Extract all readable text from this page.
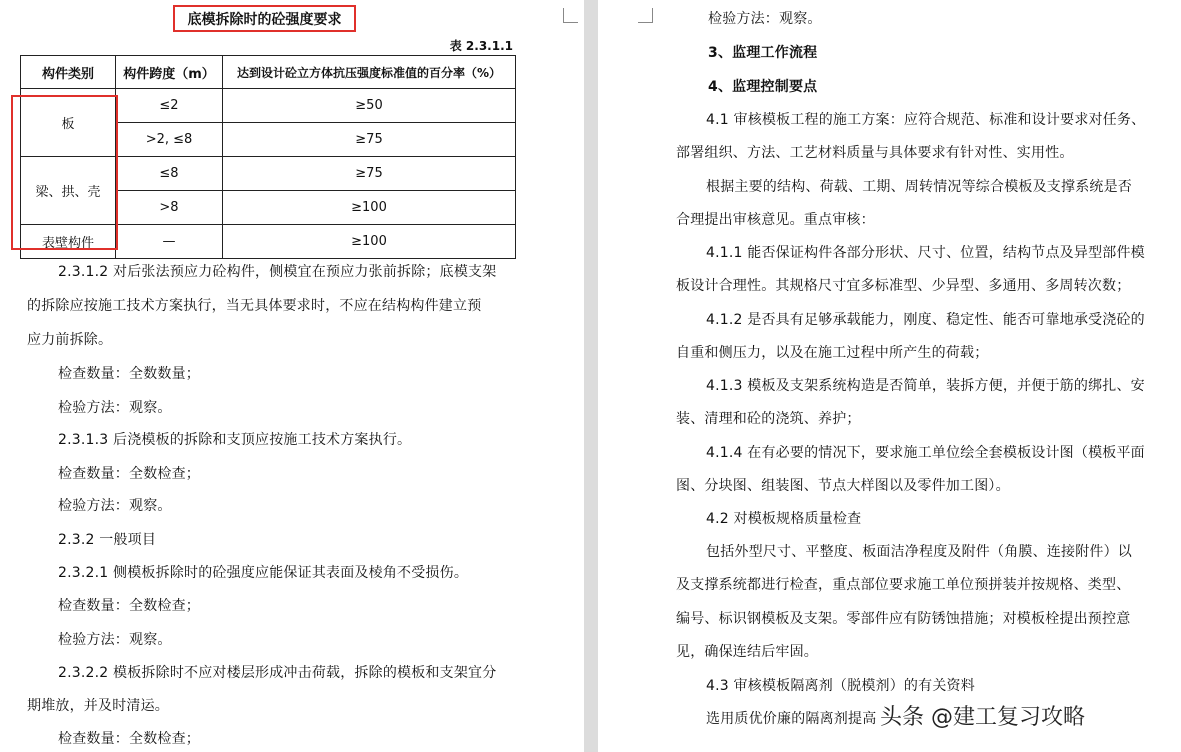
底模拆除时的砼强度要求
表 2.3.1.1
构件类别	构件跨度（m）	达到设计砼立方体抗压强度标准值的百分率（%）
板	≤2	≥50
	>2, ≤8	≥75
梁、拱、壳	≤8	≥75
	>8	≥100
表壁构件	—	≥100
2.3.1.2 对后张法预应力砼构件，侧模宜在预应力张前拆除；底模支架
的拆除应按施工技术方案执行，当无具体要求时，不应在结构构件建立预
应力前拆除。
检查数量：全数数量；
检验方法：观察。
2.3.1.3 后浇模板的拆除和支顶应按施工技术方案执行。
检查数量：全数检查；
检验方法：观察。
2.3.2 一般项目
2.3.2.1 侧模板拆除时的砼强度应能保证其表面及棱角不受损伤。
检查数量：全数检查；
检验方法：观察。
2.3.2.2 模板拆除时不应对楼层形成冲击荷载，拆除的模板和支架宜分
期堆放，并及时清运。
检查数量：全数检查；
检验方法：观察。
3、监理工作流程
4、监理控制要点
4.1 审核模板工程的施工方案：应符合规范、标准和设计要求对任务、
部署组织、方法、工艺材料质量与具体要求有针对性、实用性。
根据主要的结构、荷载、工期、周转情况等综合模板及支撑系统是否
合理提出审核意见。重点审核：
4.1.1 能否保证构件各部分形状、尺寸、位置，结构节点及异型部件模
板设计合理性。其规格尺寸宜多标准型、少异型、多通用、多周转次数；
4.1.2 是否具有足够承载能力，刚度、稳定性、能否可靠地承受浇砼的
自重和侧压力，以及在施工过程中所产生的荷载；
4.1.3 模板及支架系统构造是否简单，装拆方便，并便于筋的绑扎、安
装、清理和砼的浇筑、养护；
4.1.4 在有必要的情况下，要求施工单位绘全套模板设计图（模板平面
图、分块图、组装图、节点大样图以及零件加工图）。
4.2 对模板规格质量检查
包括外型尺寸、平整度、板面洁净程度及附件（角膜、连接附件）以
及支撑系统都进行检查，重点部位要求施工单位预拼装并按规格、类型、
编号、标识钢模板及支架。零部件应有防锈蚀措施；对模板栓提出预控意
见，确保连结后牢固。
4.3 审核模板隔离剂（脱模剂）的有关资料
选用质优价廉的隔离剂提高 头条 @建工复习攻略
